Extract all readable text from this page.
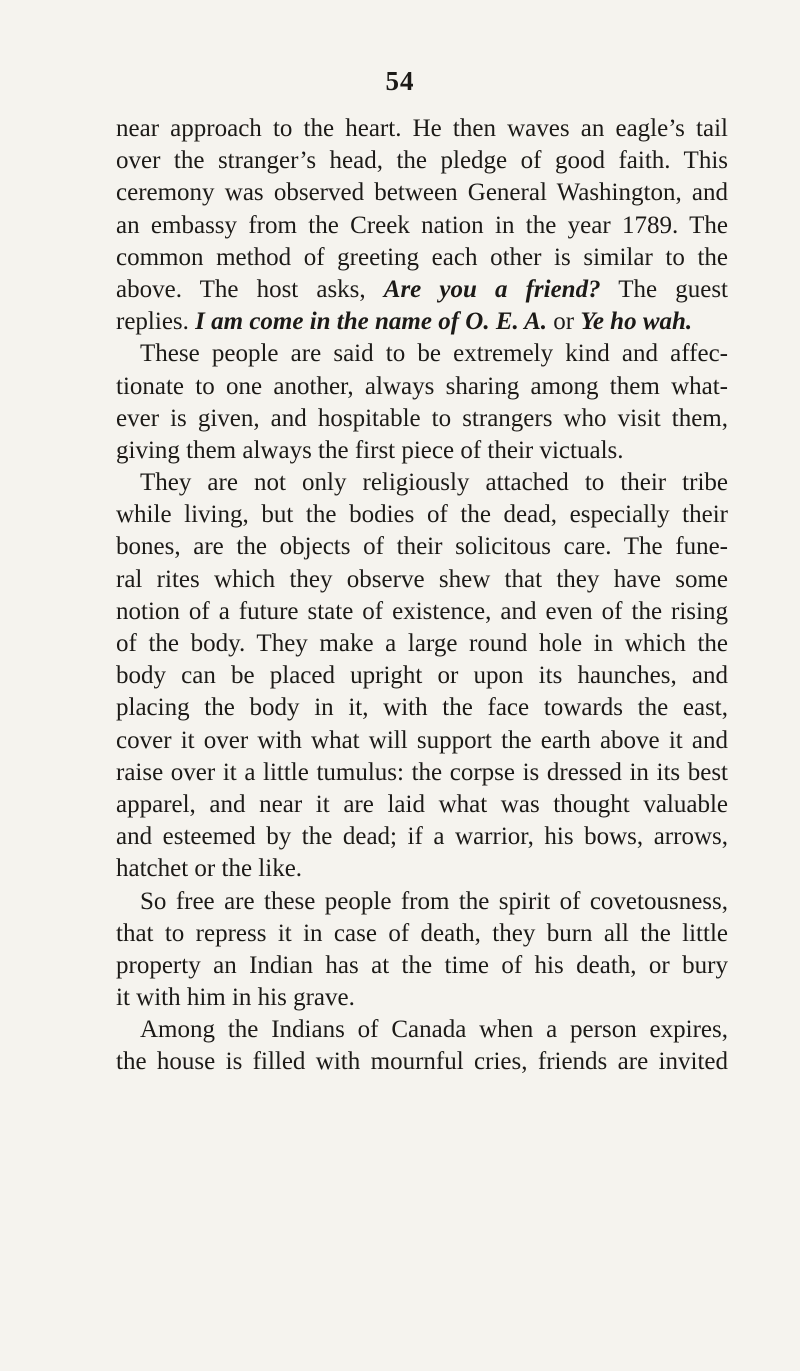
54
near approach to the heart. He then waves an eagle’s tail
over the stranger’s head, the pledge of good faith. This
ceremony was observed between General Washington, and
an embassy from the Creek nation in the year 1789. The
common method of greeting each other is similar to the
above. The host asks, Are you a friend? The guest
replies. I am come in the name of O. E. A. or Ye ho wah.
These people are said to be extremely kind and affec-
tionate to one another, always sharing among them what-
ever is given, and hospitable to strangers who visit them,
giving them always the first piece of their victuals.
They are not only religiously attached to their tribe
while living, but the bodies of the dead, especially their
bones, are the objects of their solicitous care. The fune-
ral rites which they observe shew that they have some
notion of a future state of existence, and even of the rising
of the body. They make a large round hole in which the
body can be placed upright or upon its haunches, and
placing the body in it, with the face towards the east,
cover it over with what will support the earth above it and
raise over it a little tumulus: the corpse is dressed in its best
apparel, and near it are laid what was thought valuable
and esteemed by the dead; if a warrior, his bows, arrows,
hatchet or the like.
So free are these people from the spirit of covetousness,
that to repress it in case of death, they burn all the little
property an Indian has at the time of his death, or bury
it with him in his grave.
Among the Indians of Canada when a person expires,
the house is filled with mournful cries, friends are invited
